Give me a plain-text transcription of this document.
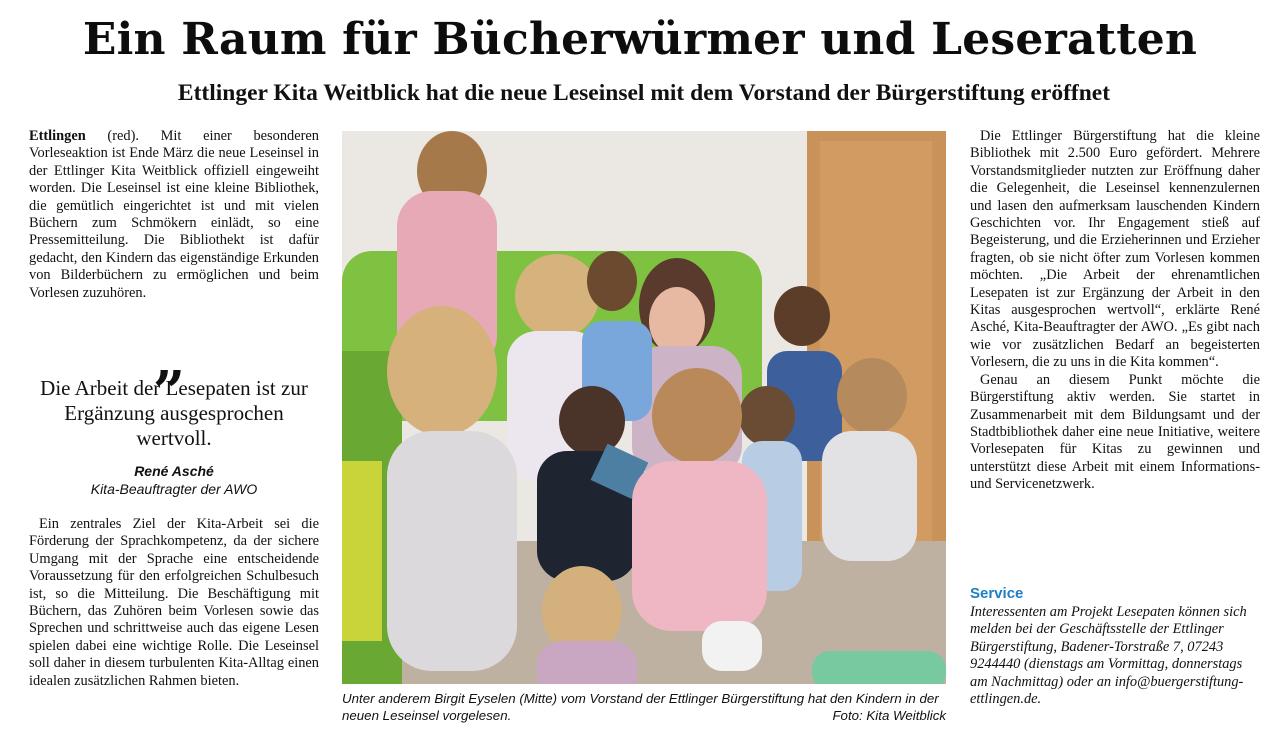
Ein Raum für Bücherwürmer und Leseratten
Ettlinger Kita Weitblick hat die neue Leseinsel mit dem Vorstand der Bürgerstiftung eröffnet

Ettlingen (red). Mit einer besonderen Vorleseaktion ist Ende März die neue Leseinsel in der Ettlinger Kita Weitblick offiziell eingeweiht worden. Die Leseinsel ist eine kleine Bibliothek, die gemütlich eingerichtet ist und mit vielen Büchern zum Schmökern einlädt, so eine Pressemitteilung. Die Bibliothekt ist dafür gedacht, den Kindern das eigenständige Erkunden von Bilderbüchern zu ermöglichen und beim Vorlesen zuzuhören.

„
Die Arbeit der Lesepaten ist zur Ergänzung ausgesprochen wertvoll.
René Asché
Kita-Beauftragter der AWO

Ein zentrales Ziel der Kita-Arbeit sei die Förderung der Sprachkompetenz, da der sichere Umgang mit der Sprache eine entscheidende Voraussetzung für den erfolgreichen Schulbesuch ist, so die Mitteilung. Die Beschäftigung mit Büchern, das Zuhören beim Vorlesen sowie das Sprechen und schrittweise auch das eigene Lesen spielen dabei eine wichtige Rolle. Die Leseinsel soll daher in diesem turbulenten Kita-Alltag einen idealen zusätzlichen Rahmen bieten.

Unter anderem Birgit Eyselen (Mitte) vom Vorstand der Ettlinger Bürgerstiftung hat den Kindern in der neuen Leseinsel vorgelesen.	Foto: Kita Weitblick

Die Ettlinger Bürgerstiftung hat die kleine Bibliothek mit 2.500 Euro gefördert. Mehrere Vorstandsmitglieder nutzten zur Eröffnung daher die Gelegenheit, die Leseinsel kennenzulernen und lasen den aufmerksam lauschenden Kindern Geschichten vor. Ihr Engagement stieß auf Begeisterung, und die Erzieherinnen und Erzieher fragten, ob sie nicht öfter zum Vorlesen kommen möchten. „Die Arbeit der ehrenamtlichen Lesepaten ist zur Ergänzung der Arbeit in den Kitas ausgesprochen wertvoll“, erklärte René Asché, Kita-Beauftragter der AWO. „Es gibt nach wie vor zusätzlichen Bedarf an begeisterten Vorlesern, die zu uns in die Kita kommen“.

Genau an diesem Punkt möchte die Bürgerstiftung aktiv werden. Sie startet in Zusammenarbeit mit dem Bildungsamt und der Stadtbibliothek daher eine neue Initiative, weitere Vorlesepaten für Kitas zu gewinnen und unterstützt diese Arbeit mit einem Informations- und Servicenetzwerk.

Service
Interessenten am Projekt Lesepaten können sich melden bei der Geschäftsstelle der Ettlinger Bürgerstiftung, Badener-Torstraße 7, 07243 9244440 (dienstags am Vormittag, donnerstags am Nachmittag) oder an info@buergerstiftung-ettlingen.de.
